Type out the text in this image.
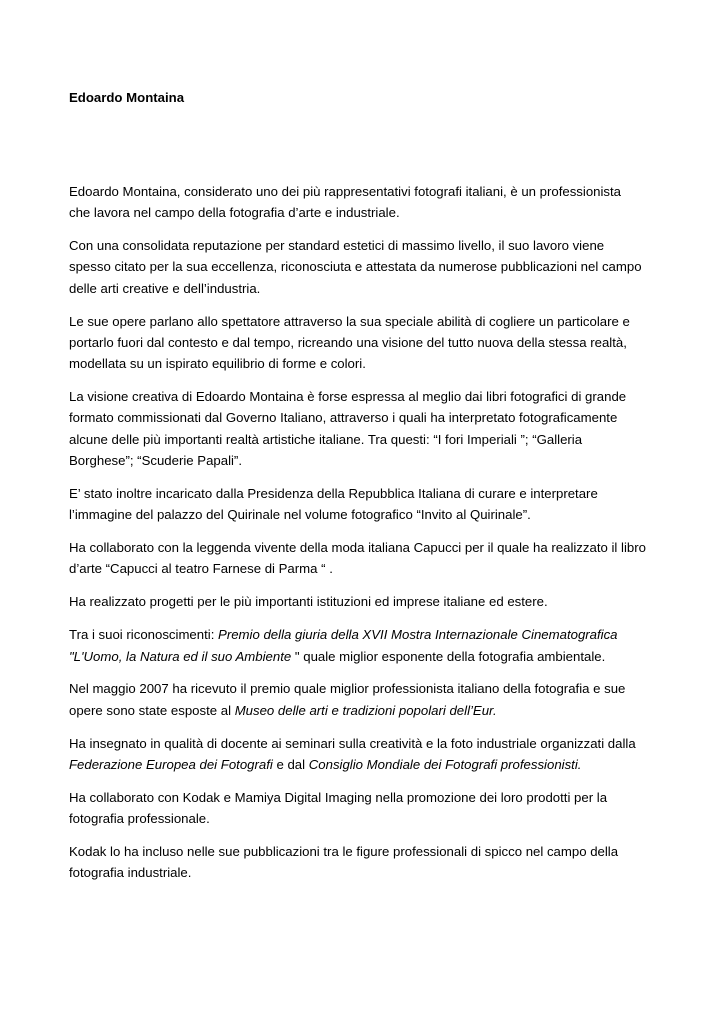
Edoardo Montaina

Edoardo Montaina, considerato uno dei più rappresentativi fotografi italiani, è un professionista
che lavora nel campo della fotografia d’arte e industriale.

Con una consolidata reputazione per standard estetici di massimo livello, il suo lavoro viene
spesso citato per la sua eccellenza, riconosciuta e attestata da numerose pubblicazioni nel campo
delle arti creative e dell’industria.

Le sue opere parlano allo spettatore attraverso la sua speciale abilità di cogliere un particolare e
portarlo fuori dal contesto e dal tempo, ricreando una visione del tutto nuova della stessa realtà,
modellata su un ispirato equilibrio di forme e colori.

La visione creativa di Edoardo Montaina è forse espressa al meglio dai libri fotografici di grande
formato commissionati dal Governo Italiano, attraverso i quali ha interpretato fotograficamente
alcune delle più importanti realtà artistiche italiane. Tra questi: “I fori Imperiali ”; “Galleria
Borghese”; “Scuderie Papali”.

E’ stato inoltre incaricato dalla Presidenza della Repubblica Italiana di curare e interpretare
l’immagine del palazzo del Quirinale nel volume fotografico “Invito al Quirinale”.

Ha collaborato con la leggenda vivente della moda italiana Capucci per il quale ha realizzato il libro
d’arte “Capucci al teatro Farnese di Parma “ .

Ha realizzato progetti per le più importanti istituzioni ed imprese italiane ed estere.

Tra i suoi riconoscimenti: Premio della giuria della XVII Mostra Internazionale Cinematografica
"L'Uomo, la Natura ed il suo Ambiente " quale miglior esponente della fotografia ambientale.

Nel maggio 2007 ha ricevuto il premio quale miglior professionista italiano della fotografia e sue
opere sono state esposte al Museo delle arti e tradizioni popolari dell’Eur.

Ha insegnato in qualità di docente ai seminari sulla creatività e la foto industriale organizzati dalla
Federazione Europea dei Fotografi e dal Consiglio Mondiale dei Fotografi professionisti.

Ha collaborato con Kodak e Mamiya Digital Imaging nella promozione dei loro prodotti per la
fotografia professionale.

Kodak lo ha incluso nelle sue pubblicazioni tra le figure professionali di spicco nel campo della
fotografia industriale.
